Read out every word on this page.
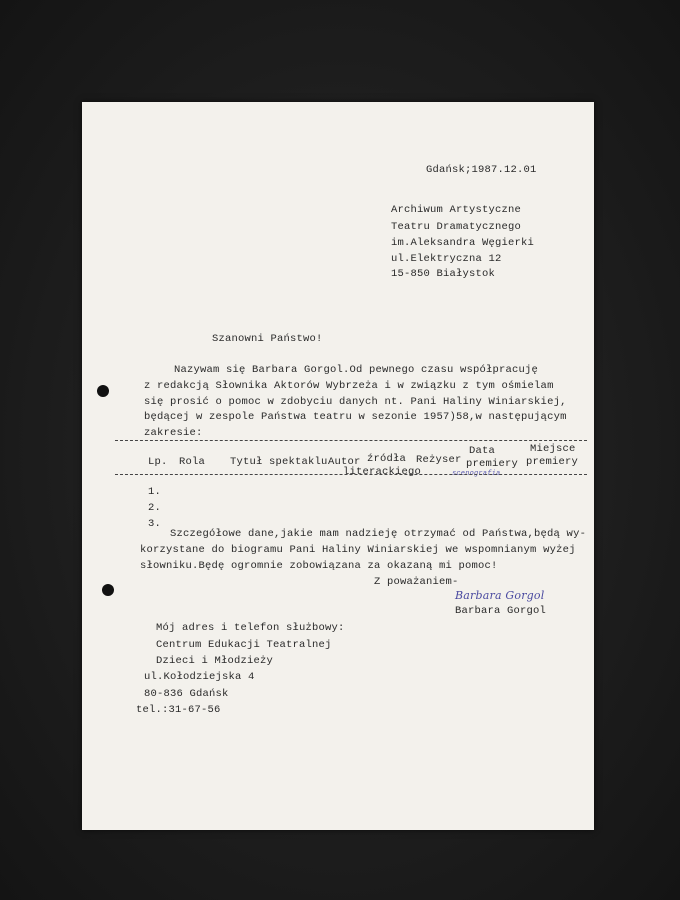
Gdańsk;1987.12.01
Archiwum Artystyczne
Teatru Dramatycznego
im.Aleksandra Węgierki
ul.Elektryczna 12
15-850 Białystok
Szanowni Państwo!
Nazywam się Barbara Gorgol.Od pewnego czasu współpracuję
z redakcją Słownika Aktorów Wybrzeża i w związku z tym ośmielam
się prosić o pomoc w zdobyciu danych nt. Pani Haliny Winiarskiej,
będącej w zespole Państwa teatru w sezonie 1957)58,w następującym
zakresie:
Lp. Rola Tytuł spektaklu Autor źródła
literackiego
Reżyser
Data
premiery
Miejsce
premiery
scenografia
1.
2.
3.
Szczegółowe dane,jakie mam nadzieję otrzymać od Państwa,będą wy-
korzystane do biogramu Pani Haliny Winiarskiej we wspomnianym wyżej
słowniku.Będę ogromnie zobowiązana za okazaną mi pomoc!
Z poważaniem-
Barbara Gorgol
Barbara Gorgol
Mój adres i telefon służbowy:
Centrum Edukacji Teatralnej
Dzieci i Młodzieży
ul.Kołodziejska 4
80-836 Gdańsk
tel.:31-67-56
